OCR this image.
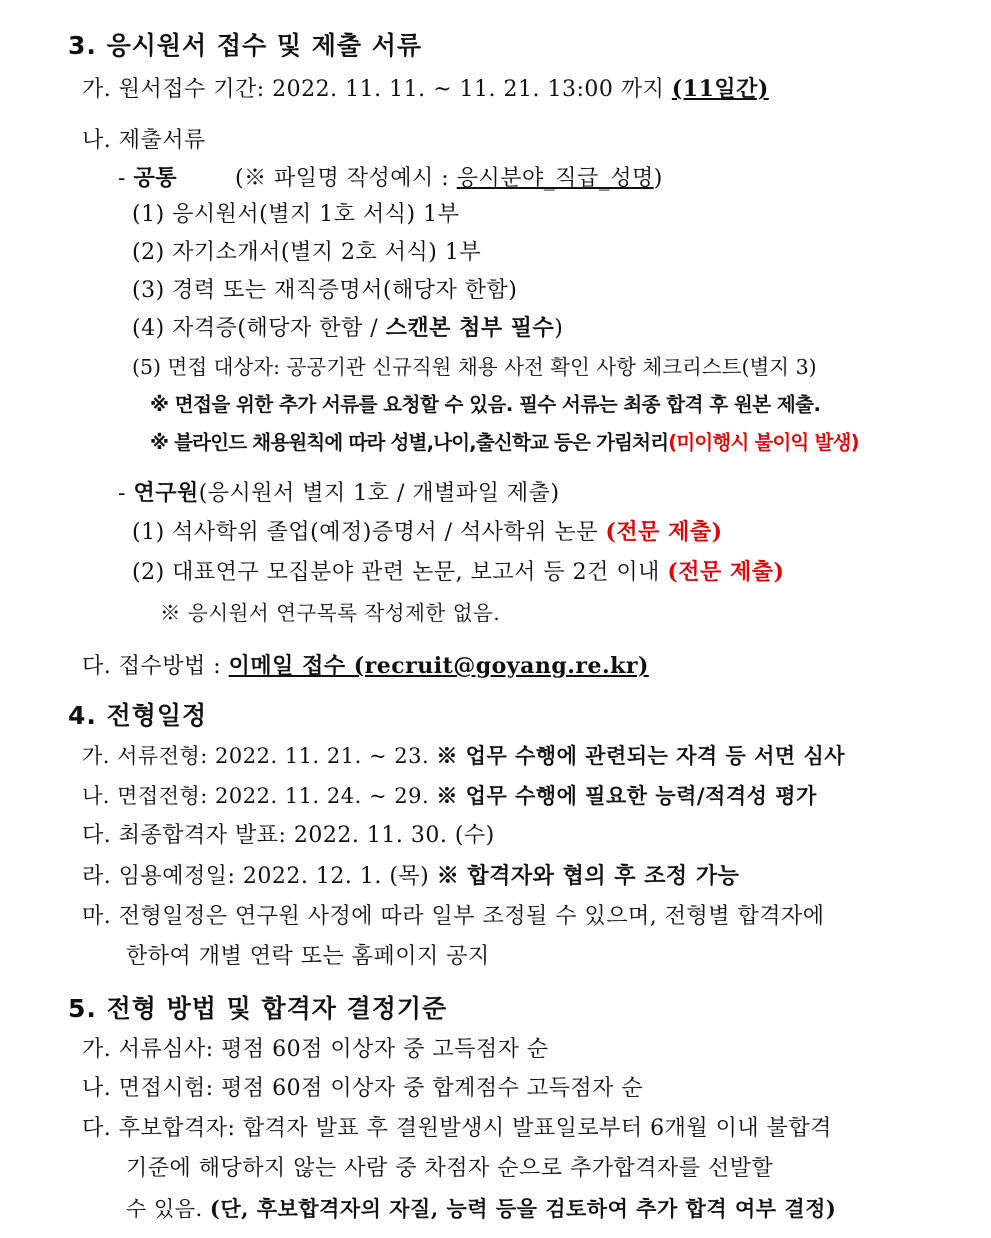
3. 응시원서 접수 및 제출 서류
가. 원서접수 기간: 2022. 11. 11. ~ 11. 21. 13:00 까지 (11일간)
나. 제출서류
- 공통	(※ 파일명 작성예시 : 응시분야_직급_성명)
(1) 응시원서(별지 1호 서식) 1부
(2) 자기소개서(별지 2호 서식) 1부
(3) 경력 또는 재직증명서(해당자 한함)
(4) 자격증(해당자 한함 / 스캔본 첨부 필수)
(5) 면접 대상자: 공공기관 신규직원 채용 사전 확인 사항 체크리스트(별지 3)
※ 면접을 위한 추가 서류를 요청할 수 있음. 필수 서류는 최종 합격 후 원본 제출.
※ 블라인드 채용원칙에 따라 성별,나이,출신학교 등은 가림처리(미이행시 불이익 발생)
- 연구원(응시원서 별지 1호 / 개별파일 제출)
(1) 석사학위 졸업(예정)증명서 / 석사학위 논문 (전문 제출)
(2) 대표연구 모집분야 관련 논문, 보고서 등 2건 이내 (전문 제출)
※ 응시원서 연구목록 작성제한 없음.
다. 접수방법 : 이메일 접수 (recruit@goyang.re.kr)
4. 전형일정
가. 서류전형: 2022. 11. 21. ~ 23. ※ 업무 수행에 관련되는 자격 등 서면 심사
나. 면접전형: 2022. 11. 24. ~ 29. ※ 업무 수행에 필요한 능력/적격성 평가
다. 최종합격자 발표: 2022. 11. 30. (수)
라. 임용예정일: 2022. 12. 1. (목) ※ 합격자와 협의 후 조정 가능
마. 전형일정은 연구원 사정에 따라 일부 조정될 수 있으며, 전형별 합격자에
한하여 개별 연락 또는 홈페이지 공지
5. 전형 방법 및 합격자 결정기준
가. 서류심사: 평점 60점 이상자 중 고득점자 순
나. 면접시험: 평점 60점 이상자 중 합계점수 고득점자 순
다. 후보합격자: 합격자 발표 후 결원발생시 발표일로부터 6개월 이내 불합격
기준에 해당하지 않는 사람 중 차점자 순으로 추가합격자를 선발할
수 있음. (단, 후보합격자의 자질, 능력 등을 검토하여 추가 합격 여부 결정)
